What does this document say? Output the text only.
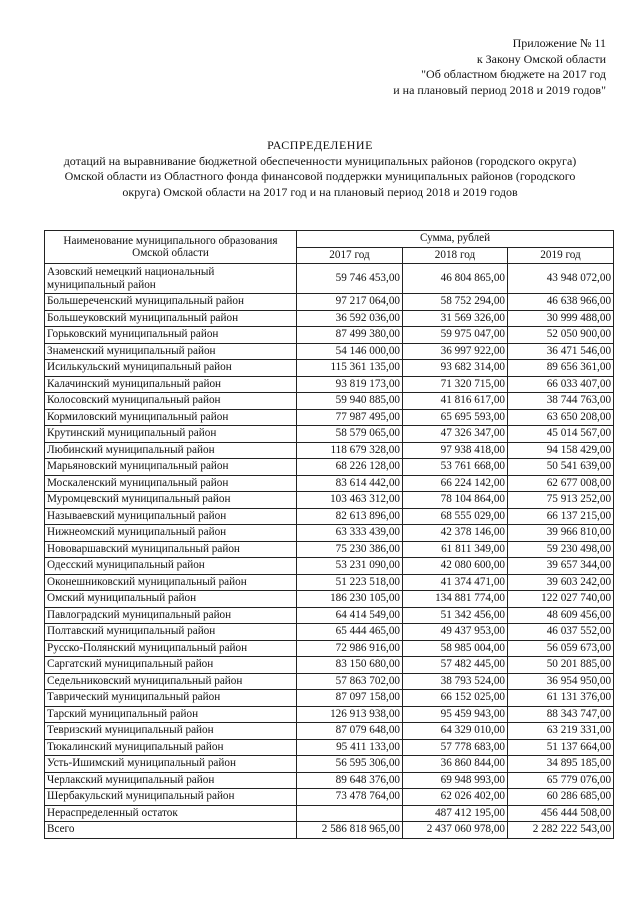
Приложение № 11
к Закону Омской области
"Об областном бюджете на 2017 год
и на плановый период 2018 и 2019 годов"
РАСПРЕДЕЛЕНИЕ
дотаций на выравнивание бюджетной обеспеченности муниципальных районов (городского округа)
Омской области из Областного фонда финансовой поддержки муниципальных районов (городского
округа) Омской области на 2017 год и на плановый период 2018 и 2019 годов
Наименование муниципального образования Омской области	Сумма, рублей		
	2017 год	2018 год	2019 год
Азовский немецкий национальный муниципальный район	59 746 453,00	46 804 865,00	43 948 072,00
Большереченский муниципальный район	97 217 064,00	58 752 294,00	46 638 966,00
Большеуковский муниципальный район	36 592 036,00	31 569 326,00	30 999 488,00
Горьковский муниципальный район	87 499 380,00	59 975 047,00	52 050 900,00
Знаменский муниципальный район	54 146 000,00	36 997 922,00	36 471 546,00
Исилькульский муниципальный район	115 361 135,00	93 682 314,00	89 656 361,00
Калачинский муниципальный район	93 819 173,00	71 320 715,00	66 033 407,00
Колосовский муниципальный район	59 940 885,00	41 816 617,00	38 744 763,00
Кормиловский муниципальный район	77 987 495,00	65 695 593,00	63 650 208,00
Крутинский муниципальный район	58 579 065,00	47 326 347,00	45 014 567,00
Любинский муниципальный район	118 679 328,00	97 938 418,00	94 158 429,00
Марьяновский муниципальный район	68 226 128,00	53 761 668,00	50 541 639,00
Москаленский муниципальный район	83 614 442,00	66 224 142,00	62 677 008,00
Муромцевский муниципальный район	103 463 312,00	78 104 864,00	75 913 252,00
Называевский муниципальный район	82 613 896,00	68 555 029,00	66 137 215,00
Нижнеомский муниципальный район	63 333 439,00	42 378 146,00	39 966 810,00
Нововаршавский муниципальный район	75 230 386,00	61 811 349,00	59 230 498,00
Одесский муниципальный район	53 231 090,00	42 080 600,00	39 657 344,00
Оконешниковский муниципальный район	51 223 518,00	41 374 471,00	39 603 242,00
Омский муниципальный район	186 230 105,00	134 881 774,00	122 027 740,00
Павлоградский муниципальный район	64 414 549,00	51 342 456,00	48 609 456,00
Полтавский муниципальный район	65 444 465,00	49 437 953,00	46 037 552,00
Русско-Полянский муниципальный район	72 986 916,00	58 985 004,00	56 059 673,00
Саргатский муниципальный район	83 150 680,00	57 482 445,00	50 201 885,00
Седельниковский муниципальный район	57 863 702,00	38 793 524,00	36 954 950,00
Таврический муниципальный район	87 097 158,00	66 152 025,00	61 131 376,00
Тарский муниципальный район	126 913 938,00	95 459 943,00	88 343 747,00
Тевризский муниципальный район	87 079 648,00	64 329 010,00	63 219 331,00
Тюкалинский муниципальный район	95 411 133,00	57 778 683,00	51 137 664,00
Усть-Ишимский муниципальный район	56 595 306,00	36 860 844,00	34 895 185,00
Черлакский муниципальный район	89 648 376,00	69 948 993,00	65 779 076,00
Шербакульский муниципальный район	73 478 764,00	62 026 402,00	60 286 685,00
Нераспределенный остаток		487 412 195,00	456 444 508,00
Всего	2 586 818 965,00	2 437 060 978,00	2 282 222 543,00
